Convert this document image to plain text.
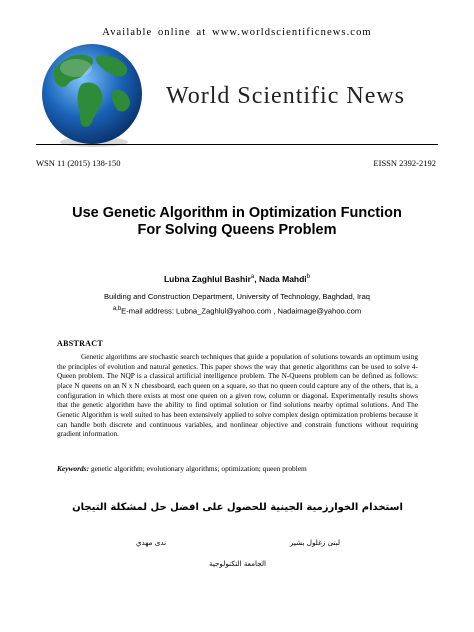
Available online at www.worldscientificnews.com
World Scientific News
WSN 11 (2015) 138-150	EISSN 2392-2192
Use Genetic Algorithm in Optimization Function
For Solving Queens Problem
Lubna Zaghlul Bashir$^a$, Nada Mahdi$^b$
Building and Construction Department, University of Technology, Baghdad, Iraq
$^{a,b}$E-mail address: Lubna_Zaghlul@yahoo.com , Nadaimage@yahoo.com
ABSTRACT
Genetic algorithms are stochastic search techniques that guide a population of solutions towards an optimum using the principles of evolution and natural genetics. This paper shows the way that genetic algorithms can be used to solve 4-Queen problem. The NQP is a classical artificial intelligence problem. The N-Queens problem can be defined as follows: place N queens on an N x N chessboard, each queen on a square, so that no queen could capture any of the others, that is, a configuration in which there exists at most one queen on a given row, column or diagonal. Experimentally results shows that the genetic algorithm have the ability to find optimal solution or find solutions nearby optimal solutions. And The Genetic Algorithm is well suited to has been extensively applied to solve complex design optimization problems because it can handle both discrete and continuous variables, and nonlinear objective and constrain functions without requiring gradient information.
Keywords: genetic algorithm; evolutionary algorithms; optimization; queen problem
استخدام الخوارزمية الجينية للحصول على افضل حل لمشكلة التيجان
لبنى زغلول بشير
ندى مهدي
الجامعة التكنولوجية
